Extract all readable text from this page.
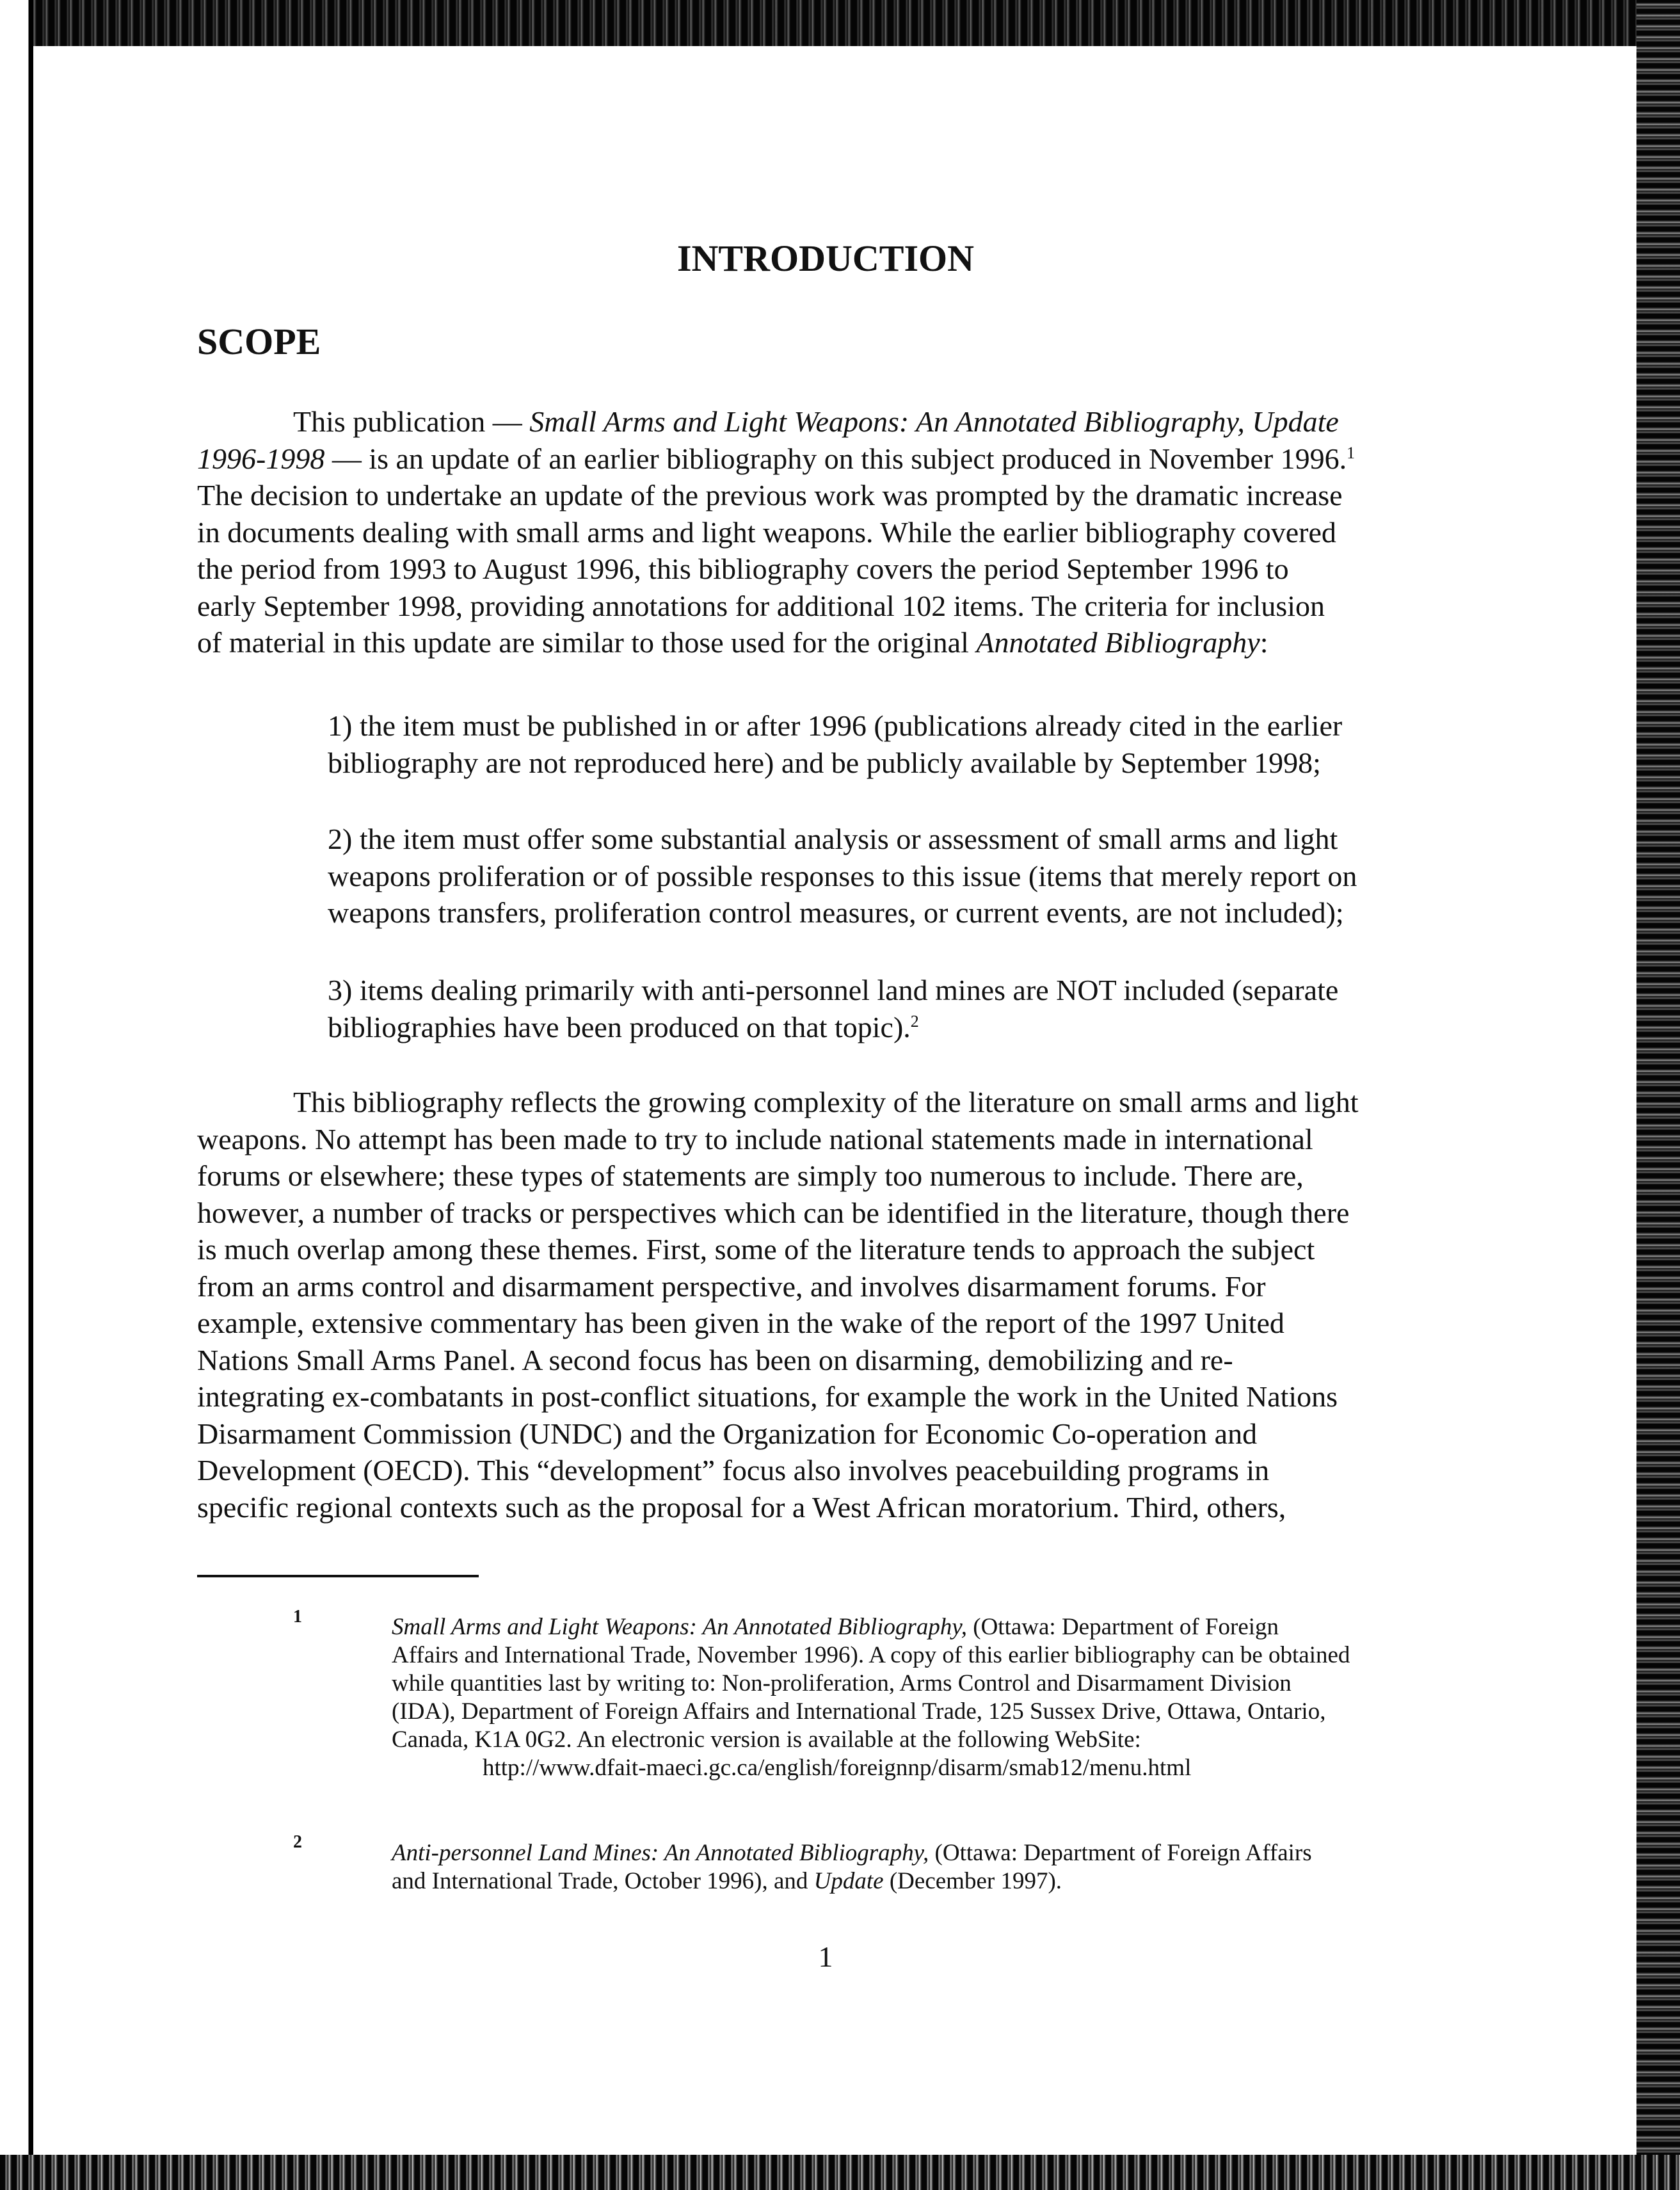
INTRODUCTION
SCOPE
This publication — Small Arms and Light Weapons: An Annotated Bibliography, Update
1996-1998 — is an update of an earlier bibliography on this subject produced in November 1996.$^1$
The decision to undertake an update of the previous work was prompted by the dramatic increase
in documents dealing with small arms and light weapons. While the earlier bibliography covered
the period from 1993 to August 1996, this bibliography covers the period September 1996 to
early September 1998, providing annotations for additional 102 items. The criteria for inclusion
of material in this update are similar to those used for the original Annotated Bibliography:
1) the item must be published in or after 1996 (publications already cited in the earlier
bibliography are not reproduced here) and be publicly available by September 1998;
2) the item must offer some substantial analysis or assessment of small arms and light
weapons proliferation or of possible responses to this issue (items that merely report on
weapons transfers, proliferation control measures, or current events, are not included);
3) items dealing primarily with anti-personnel land mines are NOT included (separate
bibliographies have been produced on that topic).$^2$
This bibliography reflects the growing complexity of the literature on small arms and light
weapons. No attempt has been made to try to include national statements made in international
forums or elsewhere; these types of statements are simply too numerous to include. There are,
however, a number of tracks or perspectives which can be identified in the literature, though there
is much overlap among these themes. First, some of the literature tends to approach the subject
from an arms control and disarmament perspective, and involves disarmament forums. For
example, extensive commentary has been given in the wake of the report of the 1997 United
Nations Small Arms Panel. A second focus has been on disarming, demobilizing and re-
integrating ex-combatants in post-conflict situations, for example the work in the United Nations
Disarmament Commission (UNDC) and the Organization for Economic Co-operation and
Development (OECD). This “development” focus also involves peacebuilding programs in
specific regional contexts such as the proposal for a West African moratorium. Third, others,
1	Small Arms and Light Weapons: An Annotated Bibliography, (Ottawa: Department of Foreign
Affairs and International Trade, November 1996). A copy of this earlier bibliography can be obtained
while quantities last by writing to: Non-proliferation, Arms Control and Disarmament Division
(IDA), Department of Foreign Affairs and International Trade, 125 Sussex Drive, Ottawa, Ontario,
Canada, K1A 0G2. An electronic version is available at the following WebSite:
http://www.dfait-maeci.gc.ca/english/foreignnp/disarm/smab12/menu.html
2	Anti-personnel Land Mines: An Annotated Bibliography, (Ottawa: Department of Foreign Affairs
and International Trade, October 1996), and Update (December 1997).
1
